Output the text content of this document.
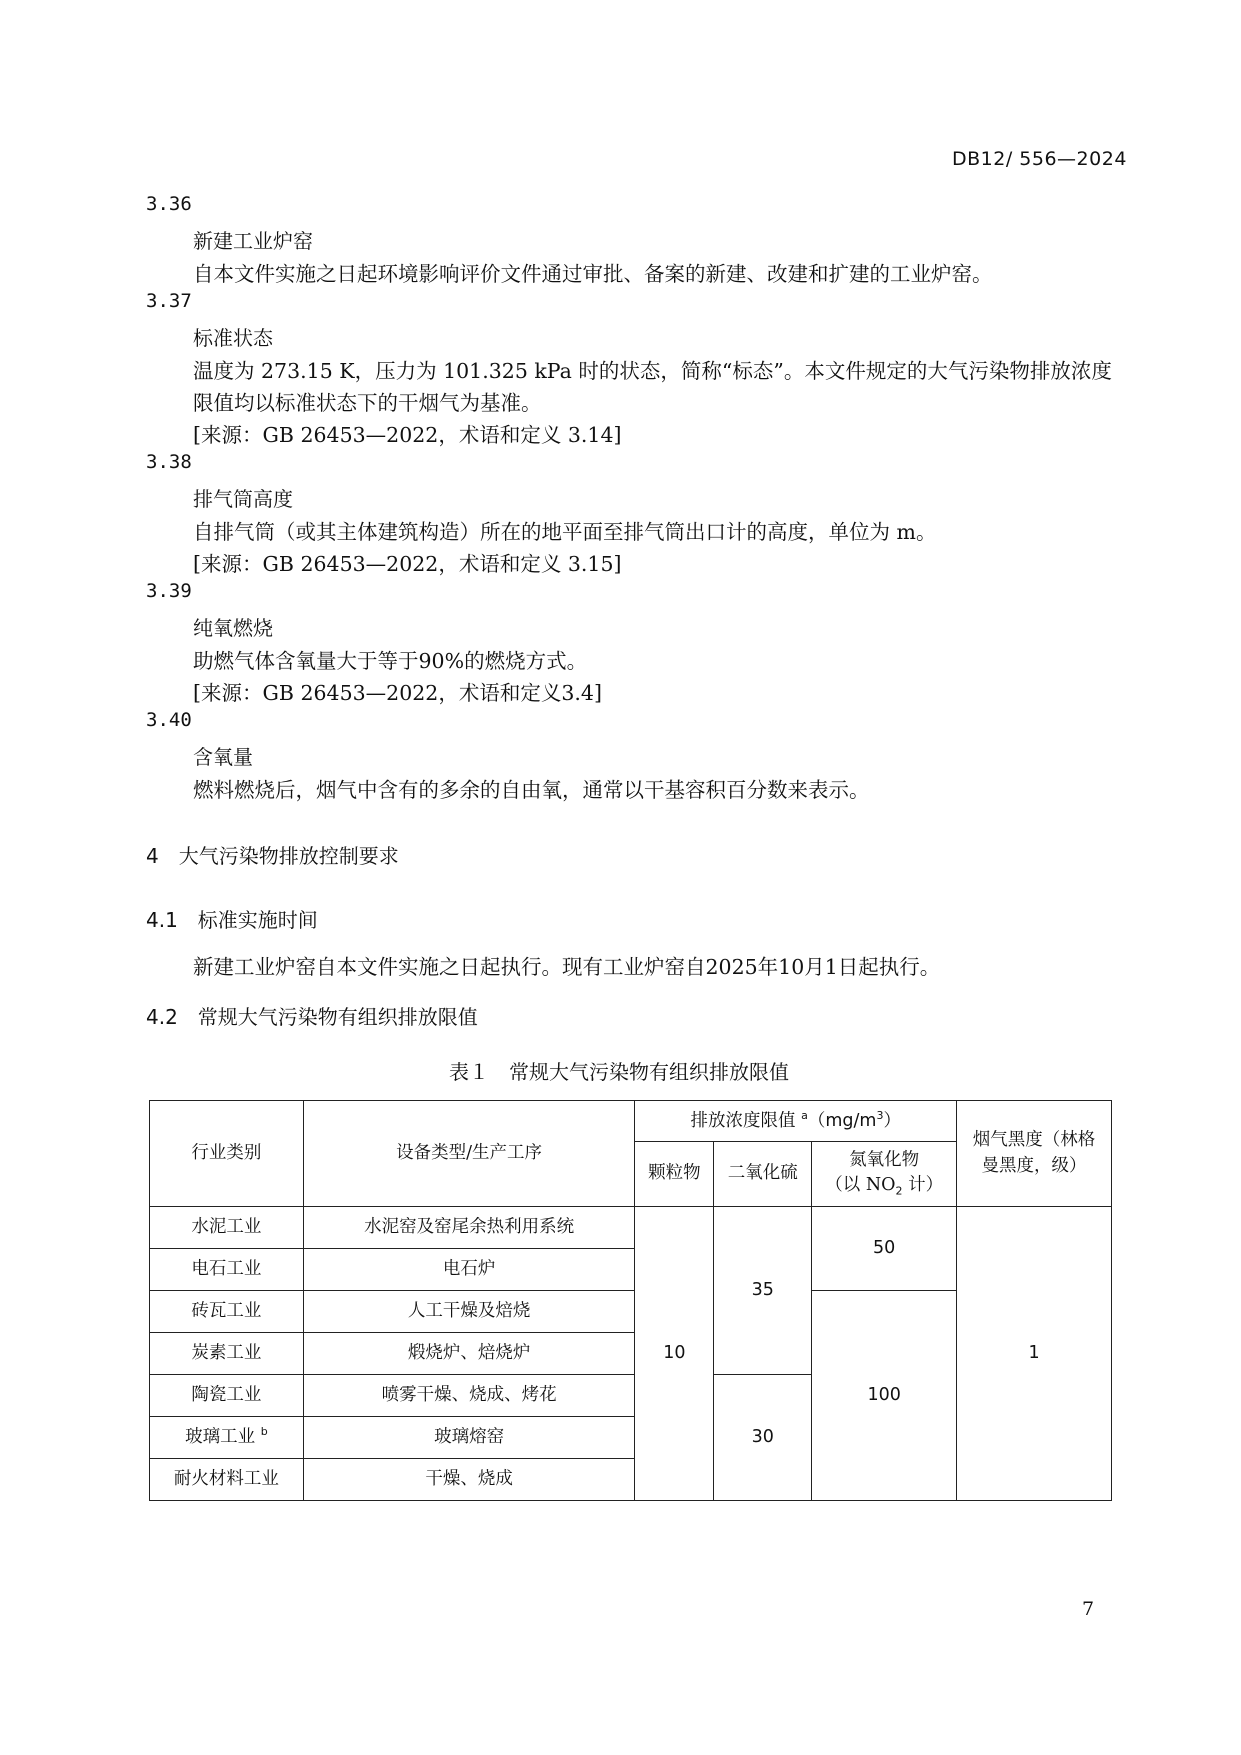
DB12/ 556—2024
3.36
新建工业炉窑
自本文件实施之日起环境影响评价文件通过审批、备案的新建、改建和扩建的工业炉窑。
3.37
标准状态
温度为 273.15 K，压力为 101.325 kPa 时的状态，简称“标态”。本文件规定的大气污染物排放浓度
限值均以标准状态下的干烟气为基准。
[来源：GB 26453—2022，术语和定义 3.14]
3.38
排气筒高度
自排气筒（或其主体建筑构造）所在的地平面至排气筒出口计的高度，单位为 m。
[来源：GB 26453—2022，术语和定义 3.15]
3.39
纯氧燃烧
助燃气体含氧量大于等于90%的燃烧方式。
[来源：GB 26453—2022，术语和定义3.4]
3.40
含氧量
燃料燃烧后，烟气中含有的多余的自由氧，通常以干基容积百分数来表示。
4　大气污染物排放控制要求
4.1　标准实施时间
新建工业炉窑自本文件实施之日起执行。现有工业炉窑自2025年10月1日起执行。
4.2　常规大气污染物有组织排放限值
表１　常规大气污染物有组织排放限值
行业类别	设备类型/生产工序	排放浓度限值 $^a(mg/m^3)$			烟气黑度（林格
曼黑度，级）
		颗粒物	二氧化硫	氮氧化物
（以 $NO_2$ 计）	
水泥工业	水泥窑及窑尾余热利用系统	10	35	50	1
电石工业	电石炉				
砖瓦工业	人工干燥及焙烧			100	
炭素工业	煅烧炉、焙烧炉				
陶瓷工业	喷雾干燥、烧成、烤花		30		
玻璃工业 $^b$	玻璃熔窑				
耐火材料工业	干燥、烧成				
7
